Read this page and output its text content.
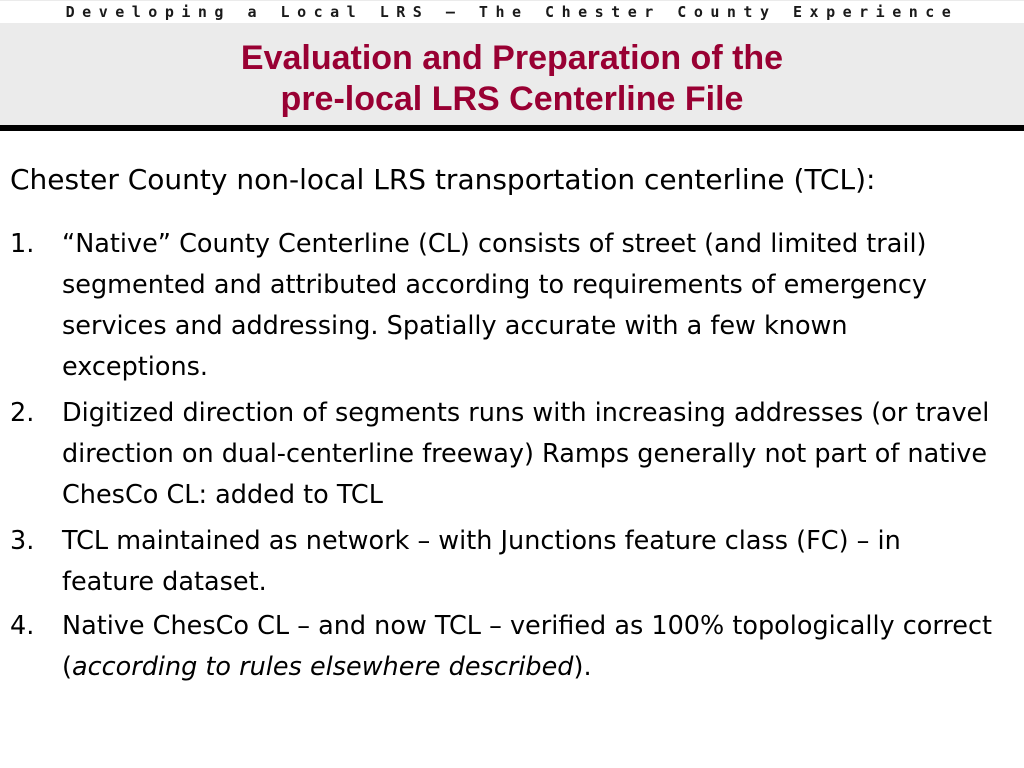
Developing a Local LRS – The Chester County Experience
Evaluation and Preparation of the
pre-local LRS Centerline File

Chester County non-local LRS transportation centerline (TCL):

1. “Native” County Centerline (CL) consists of street (and limited trail) segmented and attributed according to requirements of emergency services and addressing. Spatially accurate with a few known exceptions.
2. Digitized direction of segments runs with increasing addresses (or travel direction on dual-centerline freeway) Ramps generally not part of native ChesCo CL: added to TCL
3. TCL maintained as network – with Junctions feature class (FC) – in feature dataset.
4. Native ChesCo CL – and now TCL – verified as 100% topologically correct (according to rules elsewhere described).
